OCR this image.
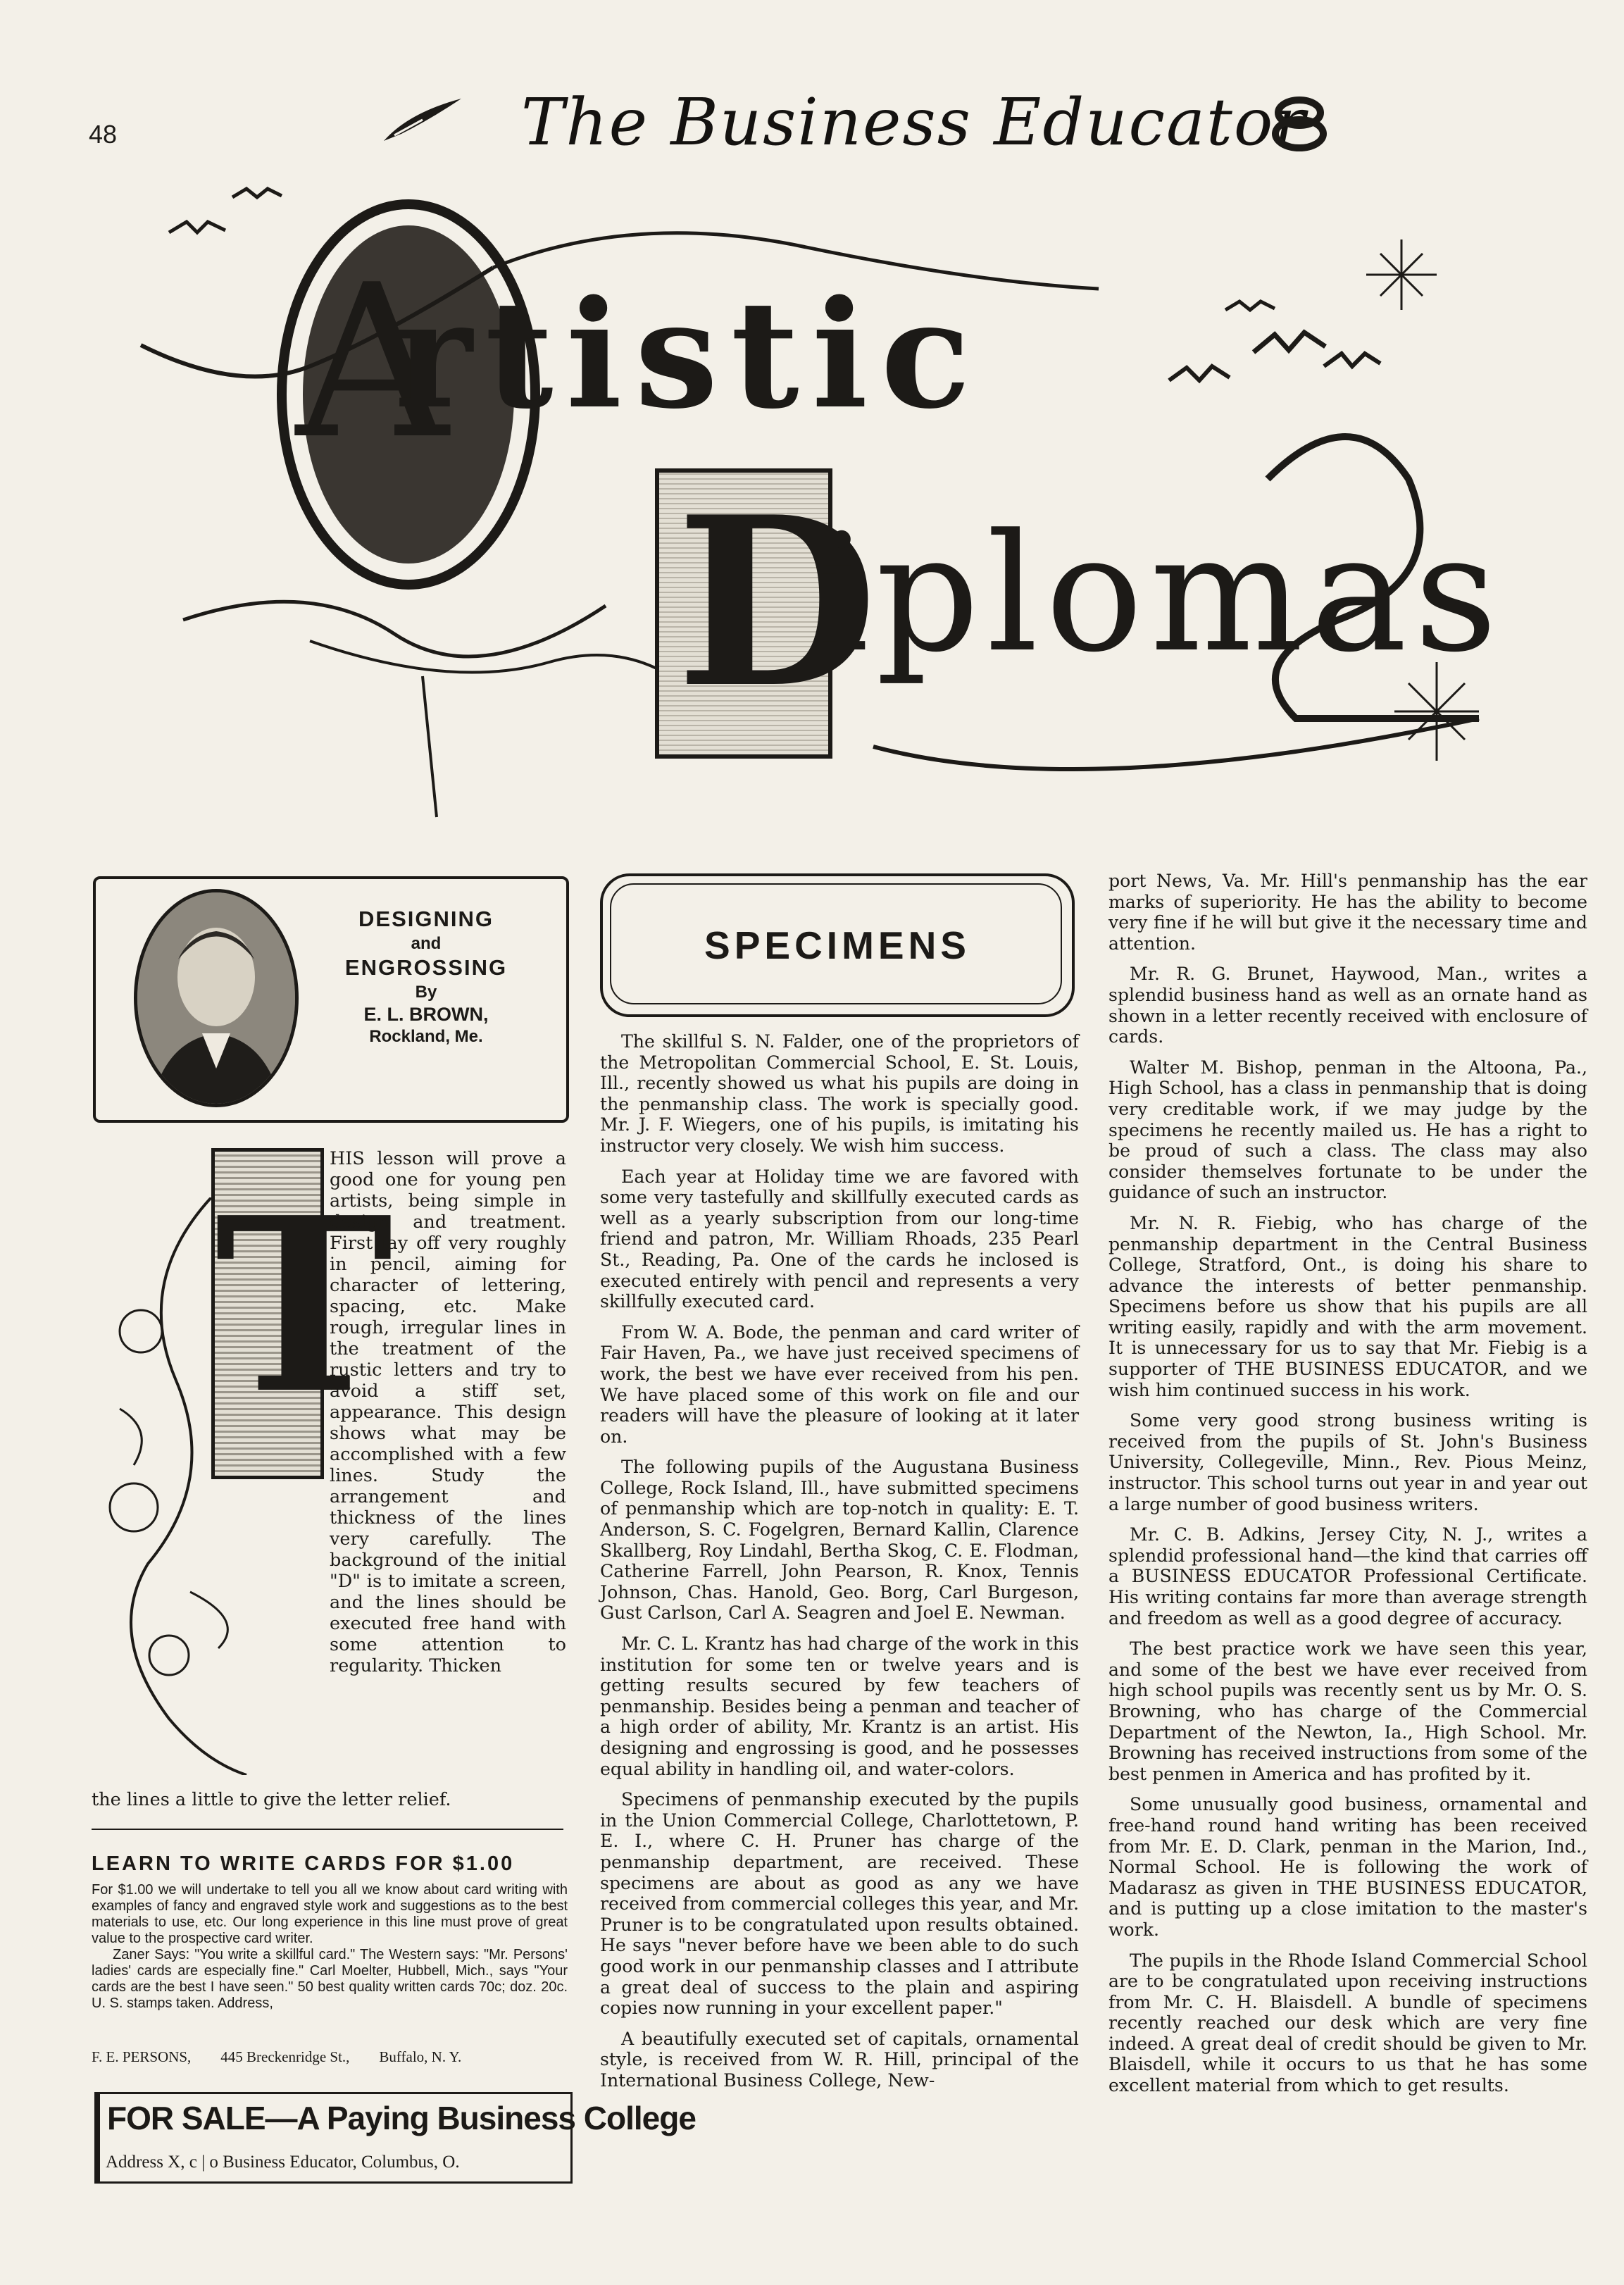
48	The Business Educator
A
rtistic
D
iplomas
DESIGNING
and
ENGROSSING
By
E. L. BROWN,
Rockland, Me.
T
HIS lesson will prove a good one for young pen artists, being simple in design and treatment. First lay off very roughly in pencil, aiming for character of lettering, spacing, etc. Make rough, irregular lines in the treatment of the rustic letters and try to avoid a stiff set, appearance. This design shows what may be accomplished with a few lines. Study the arrangement and thickness of the lines very carefully. The background of the initial "D" is to imitate a screen, and the lines should be executed free hand with some attention to regularity. Thicken
the lines a little to give the letter relief.
LEARN TO WRITE CARDS FOR $1.00
For $1.00 we will undertake to tell you all we know about card writing with examples of fancy and engraved style work and suggestions as to the best materials to use, etc. Our long experience in this line must prove of great value to the prospective card writer.
Zaner Says: "You write a skillful card." The Western says: "Mr. Persons' ladies' cards are especially fine." Carl Moelter, Hubbell, Mich., says "Your cards are the best I have seen." 50 best quality written cards 70c; doz. 20c. U. S. stamps taken. Address,
F. E. PERSONS, 445 Breckenridge St., Buffalo, N. Y.
FOR SALE—A Paying Business College
Address X, c | o Business Educator, Columbus, O.
SPECIMENS

The skillful S. N. Falder, one of the proprietors of the Metropolitan Commercial School, E. St. Louis, Ill., recently showed us what his pupils are doing in the penmanship class. The work is specially good. Mr. J. F. Wiegers, one of his pupils, is imitating his instructor very closely. We wish him success.

Each year at Holiday time we are favored with some very tastefully and skillfully executed cards as well as a yearly subscription from our long-time friend and patron, Mr. William Rhoads, 235 Pearl St., Reading, Pa. One of the cards he inclosed is executed entirely with pencil and represents a very skillfully executed card.

From W. A. Bode, the penman and card writer of Fair Haven, Pa., we have just received specimens of work, the best we have ever received from his pen. We have placed some of this work on file and our readers will have the pleasure of looking at it later on.

The following pupils of the Augustana Business College, Rock Island, Ill., have submitted specimens of penmanship which are top-notch in quality: E. T. Anderson, S. C. Fogelgren, Bernard Kallin, Clarence Skallberg, Roy Lindahl, Bertha Skog, C. E. Flodman, Catherine Farrell, John Pearson, R. Knox, Tennis Johnson, Chas. Hanold, Geo. Borg, Carl Burgeson, Gust Carlson, Carl A. Seagren and Joel E. Newman.

Mr. C. L. Krantz has had charge of the work in this institution for some ten or twelve years and is getting results secured by few teachers of penmanship. Besides being a penman and teacher of a high order of ability, Mr. Krantz is an artist. His designing and engrossing is good, and he possesses equal ability in handling oil, and water-colors.

Specimens of penmanship executed by the pupils in the Union Commercial College, Charlottetown, P. E. I., where C. H. Pruner has charge of the penmanship department, are received. These specimens are about as good as any we have received from commercial colleges this year, and Mr. Pruner is to be congratulated upon results obtained. He says "never before have we been able to do such good work in our penmanship classes and I attribute a great deal of success to the plain and aspiring copies now running in your excellent paper."

A beautifully executed set of capitals, ornamental style, is received from W. R. Hill, principal of the International Business College, New-

port News, Va. Mr. Hill's penmanship has the ear marks of superiority. He has the ability to become very fine if he will but give it the necessary time and attention.

Mr. R. G. Brunet, Haywood, Man., writes a splendid business hand as well as an ornate hand as shown in a letter recently received with enclosure of cards.

Walter M. Bishop, penman in the Altoona, Pa., High School, has a class in penmanship that is doing very creditable work, if we may judge by the specimens he recently mailed us. He has a right to be proud of such a class. The class may also consider themselves fortunate to be under the guidance of such an instructor.

Mr. N. R. Fiebig, who has charge of the penmanship department in the Central Business College, Stratford, Ont., is doing his share to advance the interests of better penmanship. Specimens before us show that his pupils are all writing easily, rapidly and with the arm movement. It is unnecessary for us to say that Mr. Fiebig is a supporter of THE BUSINESS EDUCATOR, and we wish him continued success in his work.

Some very good strong business writing is received from the pupils of St. John's Business University, Collegeville, Minn., Rev. Pious Meinz, instructor. This school turns out year in and year out a large number of good business writers.

Mr. C. B. Adkins, Jersey City, N. J., writes a splendid professional hand—the kind that carries off a BUSINESS EDUCATOR Professional Certificate. His writing contains far more than average strength and freedom as well as a good degree of accuracy.

The best practice work we have seen this year, and some of the best we have ever received from high school pupils was recently sent us by Mr. O. S. Browning, who has charge of the Commercial Department of the Newton, Ia., High School. Mr. Browning has received instructions from some of the best penmen in America and has profited by it.

Some unusually good business, ornamental and free-hand round hand writing has been received from Mr. E. D. Clark, penman in the Marion, Ind., Normal School. He is following the work of Madarasz as given in THE BUSINESS EDUCATOR, and is putting up a close imitation to the master's work.

The pupils in the Rhode Island Commercial School are to be congratulated upon receiving instructions from Mr. C. H. Blaisdell. A bundle of specimens recently reached our desk which are very fine indeed. A great deal of credit should be given to Mr. Blaisdell, while it occurs to us that he has some excellent material from which to get results.
